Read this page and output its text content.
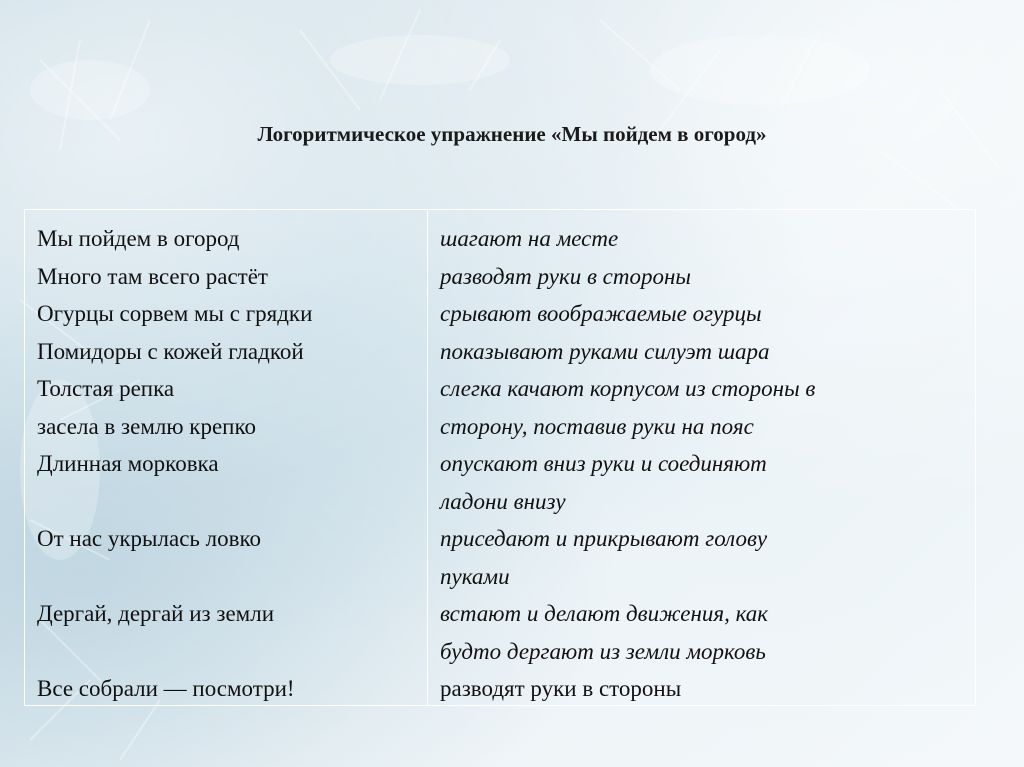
Логоритмическое упражнение «Мы пойдем в огород»
Мы пойдем в огород
Много там всего растёт
Огурцы сорвем мы с грядки
Помидоры с кожей гладкой
Толстая репка
засела в землю крепко
Длинная морковка
От нас укрылась ловко
Дергай, дергай из земли
Все собрали — посмотри!
шагают на месте
разводят руки в стороны
срывают воображаемые огурцы
показывают руками силуэт шара
слегка качают корпусом из стороны в
сторону, поставив руки на пояс
опускают вниз руки и соединяют
ладони внизу
приседают и прикрывают голову
пуками
встают и делают движения, как
будто дергают из земли морковь
разводят руки в стороны
